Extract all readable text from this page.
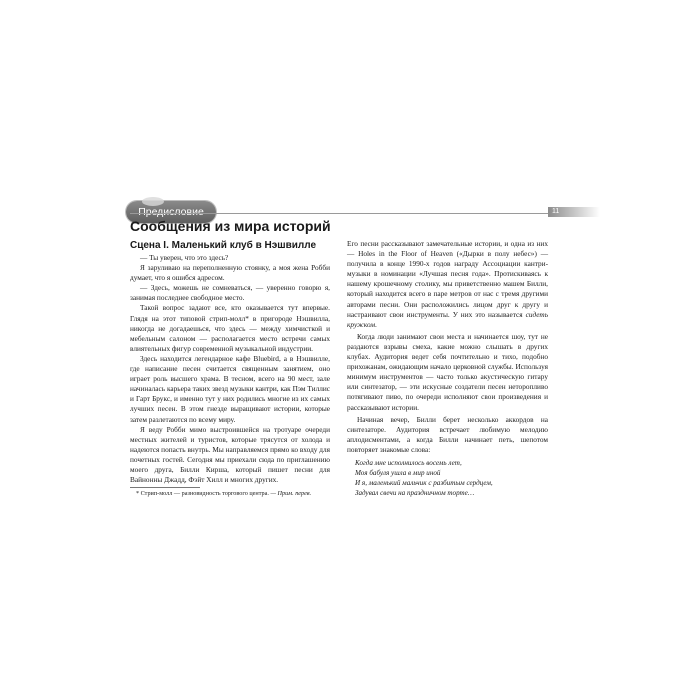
Предисловие	11
Сообщения из мира историй
Сцена I. Маленький клуб в Нэшвилле

— Ты уверен, что это здесь?

Я заруливаю на переполненную стоянку, а моя жена Робби думает, что я ошибся адресом.

— Здесь, можешь не сомневаться, — уверенно говорю я, занимая последнее свободное место.

Такой вопрос задают все, кто оказывается тут впервые. Глядя на этот типовой стрип-молл* в пригороде Нэшвилла, никогда не догадаешься, что здесь — между химчисткой и мебельным салоном — располагается место встречи самых влиятельных фигур современной музыкальной индустрии.

Здесь находится легендарное кафе Bluebird, а в Нэшвилле, где написание песен считается священным занятием, оно играет роль высшего храма. В тесном, всего на 90 мест, зале начиналась карьера таких звезд музыки кантри, как Пэм Тиллис и Гарт Брукс, и именно тут у них родились многие из их самых лучших песен. В этом гнезде выращивают истории, которые затем разлетаются по всему миру.

Я веду Робби мимо выстроившейся на тротуаре очереди местных жителей и туристов, которые трясутся от холода и надеются попасть внутрь. Мы направляемся прямо ко входу для почетных гостей. Сегодня мы приехали сюда по приглашению моего друга, Билли Кирша, который пишет песни для Вайнонны Джадд, Фэйт Хилл и многих других.

* Стрип-молл — разновидность торгового центра. — Прим. перев.

Его песни рассказывают замечательные истории, и одна из них — Holes in the Floor of Heaven («Дырки в полу небес») — получила в конце 1990-х годов награду Ассоциации кантри-музыки в номинации «Лучшая песня года». Протискиваясь к нашему крошечному столику, мы приветственно машем Билли, который находится всего в паре метров от нас с тремя другими авторами песни. Они расположились лицом друг к другу и настраивают свои инструменты. У них это называется сидеть кружком.

Когда люди занимают свои места и начинается шоу, тут не раздаются взрывы смеха, какие можно слышать в других клубах. Аудитория ведет себя почтительно и тихо, подобно прихожанам, ожидающим начало церковной службы. Используя минимум инструментов — часто только акустическую гитару или синтезатор, — эти искусные создатели песен неторопливо потягивают пиво, по очереди исполняют свои произведения и рассказывают истории.

Начиная вечер, Билли берет несколько аккордов на синтезаторе. Аудитория встречает любимую мелодию аплодисментами, а когда Билли начинает петь, шепотом повторяет знакомые слова:

Когда мне исполнилось восемь лет,
Моя бабуля ушла в мир иной
И я, маленький мальчик с разбитым сердцем,
Задувал свечи на праздничном торте…
